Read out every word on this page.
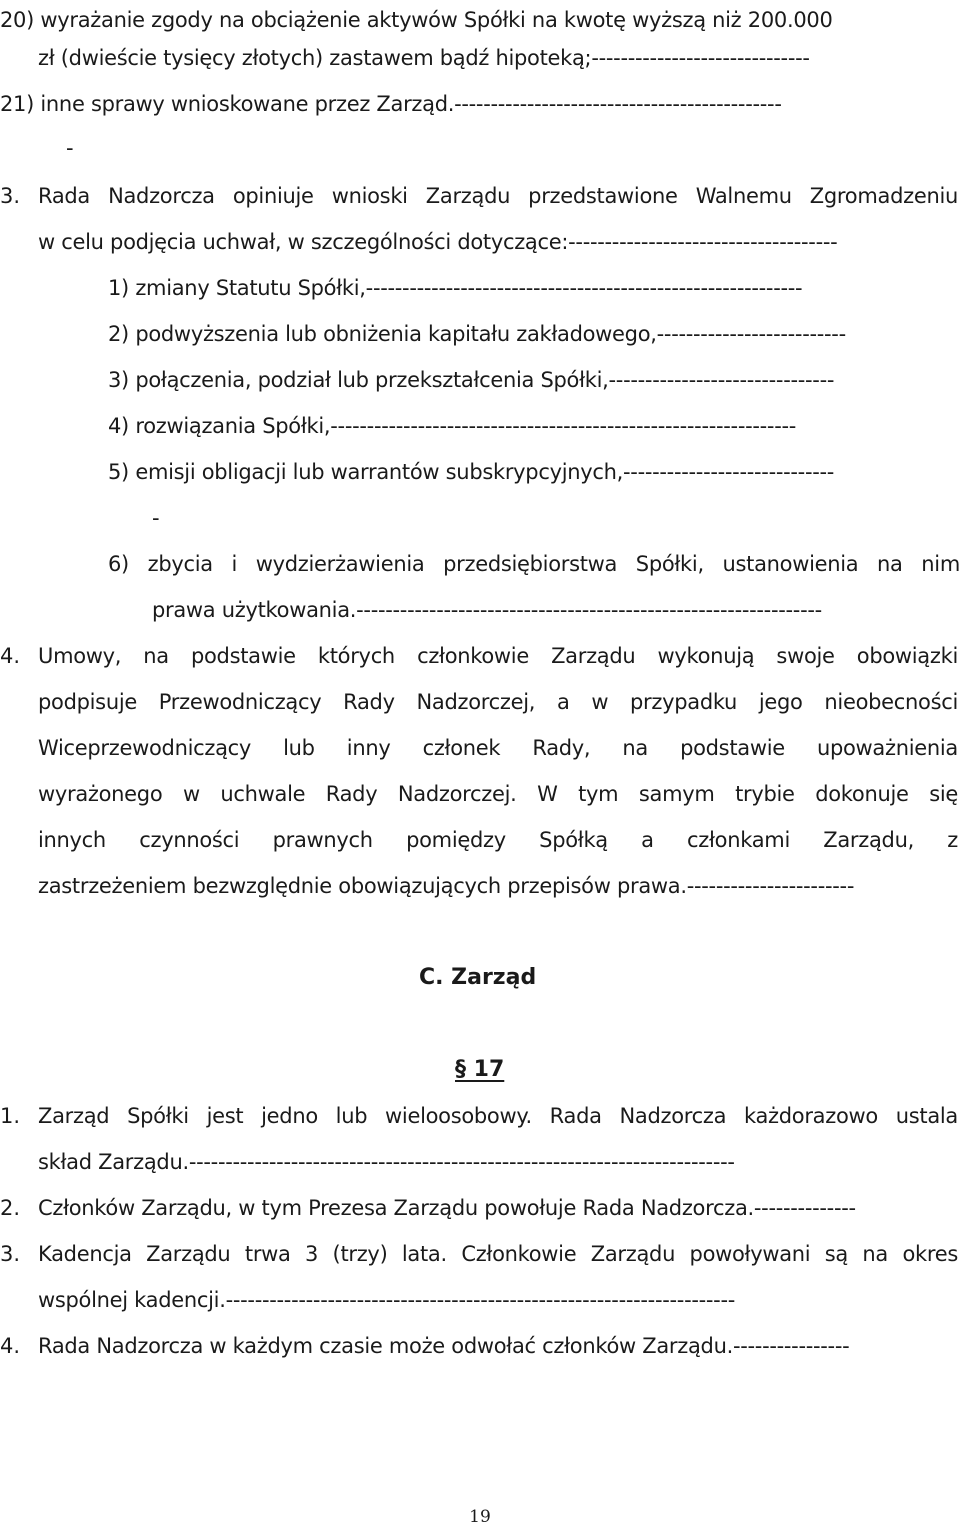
20) wyrażanie zgody na obciążenie aktywów Spółki na kwotę wyższą niż 200.000
zł (dwieście tysięcy złotych) zastawem bądź hipoteką;------------------------------
21) inne sprawy wnioskowane przez Zarząd.---------------------------------------------
-
3. Rada Nadzorcza opiniuje wnioski Zarządu przedstawione Walnemu Zgromadzeniu
w celu podjęcia uchwał, w szczególności dotyczące:-------------------------------------
1) zmiany Statutu Spółki,------------------------------------------------------------
2) podwyższenia lub obniżenia kapitału zakładowego,--------------------------
3) połączenia, podział lub przekształcenia Spółki,-------------------------------
4) rozwiązania Spółki,----------------------------------------------------------------
5) emisji obligacji lub warrantów subskrypcyjnych,-----------------------------
-
6) zbycia i wydzierżawienia przedsiębiorstwa Spółki, ustanowienia na nim
prawa użytkowania.----------------------------------------------------------------
4. Umowy, na podstawie których członkowie Zarządu wykonują swoje obowiązki
podpisuje Przewodniczący Rady Nadzorczej, a w przypadku jego nieobecności
Wiceprzewodniczący lub inny członek Rady, na podstawie upoważnienia
wyrażonego w uchwale Rady Nadzorczej. W tym samym trybie dokonuje się
innych czynności prawnych pomiędzy Spółką a członkami Zarządu, z
zastrzeżeniem bezwzględnie obowiązujących przepisów prawa.-----------------------
C. Zarząd
§ 17
1. Zarząd Spółki jest jedno lub wieloosobowy. Rada Nadzorcza każdorazowo ustala
skład Zarządu.---------------------------------------------------------------------------
2. Członków Zarządu, w tym Prezesa Zarządu powołuje Rada Nadzorcza.--------------
3. Kadencja Zarządu trwa 3 (trzy) lata. Członkowie Zarządu powoływani są na okres
wspólnej kadencji.----------------------------------------------------------------------
4. Rada Nadzorcza w każdym czasie może odwołać członków Zarządu.----------------
19
